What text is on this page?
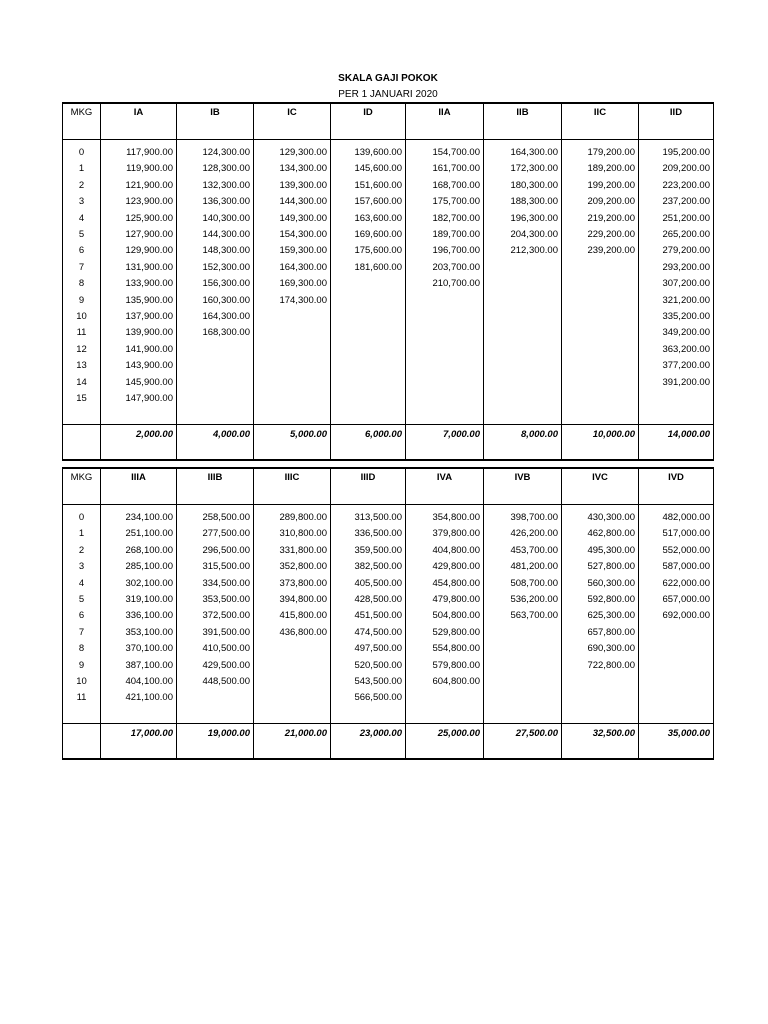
SKALA GAJI POKOK
PER 1 JANUARI 2020
MKG	IA	IB	IC	ID	IIA	IIB	IIC	IID

0	117,900.00	124,300.00	129,300.00	139,600.00	154,700.00	164,300.00	179,200.00	195,200.00
1	119,900.00	128,300.00	134,300.00	145,600.00	161,700.00	172,300.00	189,200.00	209,200.00
2	121,900.00	132,300.00	139,300.00	151,600.00	168,700.00	180,300.00	199,200.00	223,200.00
3	123,900.00	136,300.00	144,300.00	157,600.00	175,700.00	188,300.00	209,200.00	237,200.00
4	125,900.00	140,300.00	149,300.00	163,600.00	182,700.00	196,300.00	219,200.00	251,200.00
5	127,900.00	144,300.00	154,300.00	169,600.00	189,700.00	204,300.00	229,200.00	265,200.00
6	129,900.00	148,300.00	159,300.00	175,600.00	196,700.00	212,300.00	239,200.00	279,200.00
7	131,900.00	152,300.00	164,300.00	181,600.00	203,700.00			293,200.00
8	133,900.00	156,300.00	169,300.00		210,700.00			307,200.00
9	135,900.00	160,300.00	174,300.00					321,200.00
10	137,900.00	164,300.00						335,200.00
11	139,900.00	168,300.00						349,200.00
12	141,900.00							363,200.00
13	143,900.00							377,200.00
14	145,900.00							391,200.00
15	147,900.00							

	2,000.00	4,000.00	5,000.00	6,000.00	7,000.00	8,000.00	10,000.00	14,000.00
MKG	IIIA	IIIB	IIIC	IIID	IVA	IVB	IVC	IVD

0	234,100.00	258,500.00	289,800.00	313,500.00	354,800.00	398,700.00	430,300.00	482,000.00
1	251,100.00	277,500.00	310,800.00	336,500.00	379,800.00	426,200.00	462,800.00	517,000.00
2	268,100.00	296,500.00	331,800.00	359,500.00	404,800.00	453,700.00	495,300.00	552,000.00
3	285,100.00	315,500.00	352,800.00	382,500.00	429,800.00	481,200.00	527,800.00	587,000.00
4	302,100.00	334,500.00	373,800.00	405,500.00	454,800.00	508,700.00	560,300.00	622,000.00
5	319,100.00	353,500.00	394,800.00	428,500.00	479,800.00	536,200.00	592,800.00	657,000.00
6	336,100.00	372,500.00	415,800.00	451,500.00	504,800.00	563,700.00	625,300.00	692,000.00
7	353,100.00	391,500.00	436,800.00	474,500.00	529,800.00		657,800.00	
8	370,100.00	410,500.00		497,500.00	554,800.00		690,300.00	
9	387,100.00	429,500.00		520,500.00	579,800.00		722,800.00	
10	404,100.00	448,500.00		543,500.00	604,800.00			
11	421,100.00			566,500.00				

	17,000.00	19,000.00	21,000.00	23,000.00	25,000.00	27,500.00	32,500.00	35,000.00
